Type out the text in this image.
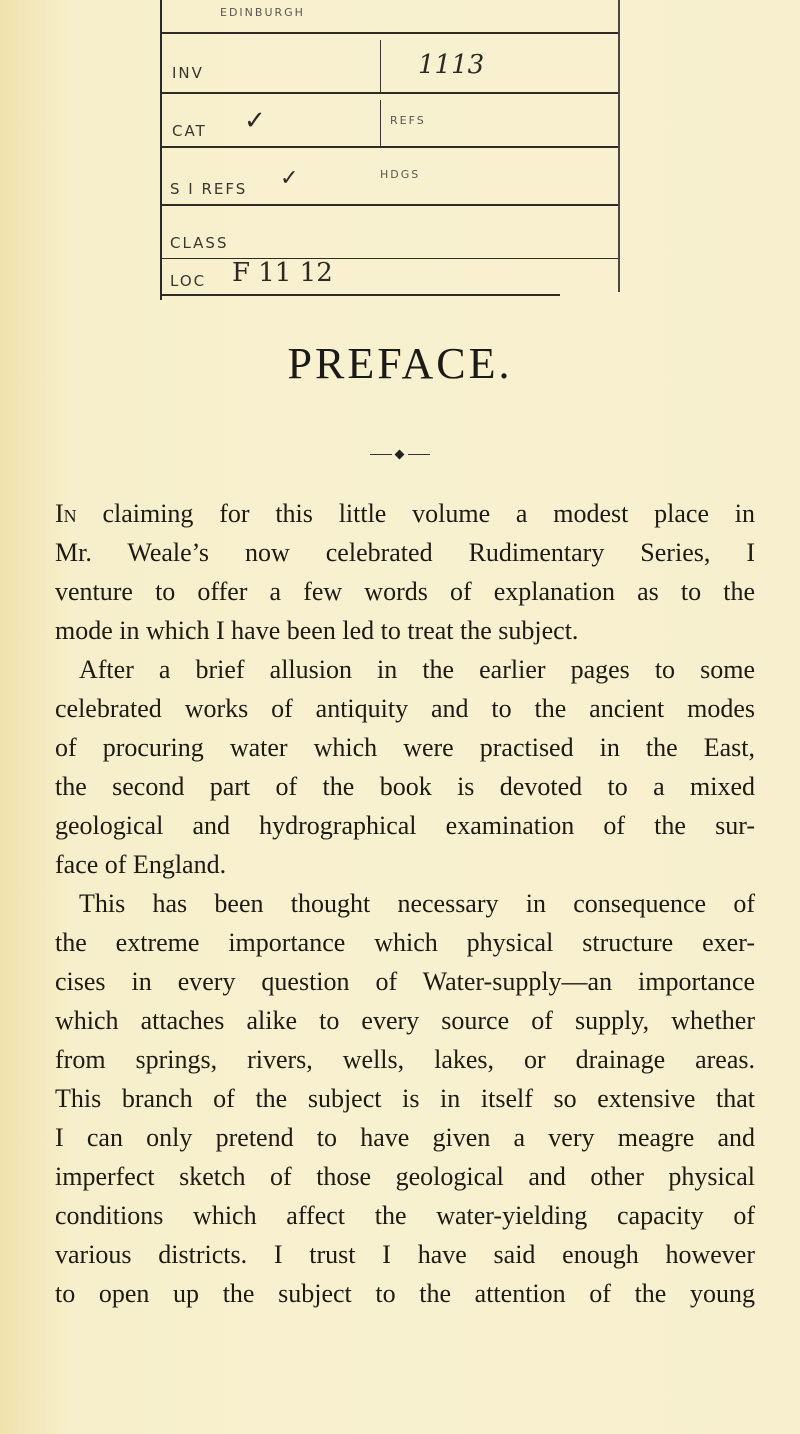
EDINBURGH
INV	1113
CAT ✓	REFS
S I REFS ✓	HDGS
CLASS
LOC F 11 12
PREFACE.
In claiming for this little volume a modest place in
Mr. Weale’s now celebrated Rudimentary Series, I
venture to offer a few words of explanation as to the
mode in which I have been led to treat the subject.
After a brief allusion in the earlier pages to some
celebrated works of antiquity and to the ancient modes
of procuring water which were practised in the East,
the second part of the book is devoted to a mixed
geological and hydrographical examination of the sur-
face of England.
This has been thought necessary in consequence of
the extreme importance which physical structure exer-
cises in every question of Water-supply—an importance
which attaches alike to every source of supply, whether
from springs, rivers, wells, lakes, or drainage areas.
This branch of the subject is in itself so extensive that
I can only pretend to have given a very meagre and
imperfect sketch of those geological and other physical
conditions which affect the water-yielding capacity of
various districts. I trust I have said enough however
to open up the subject to the attention of the young
